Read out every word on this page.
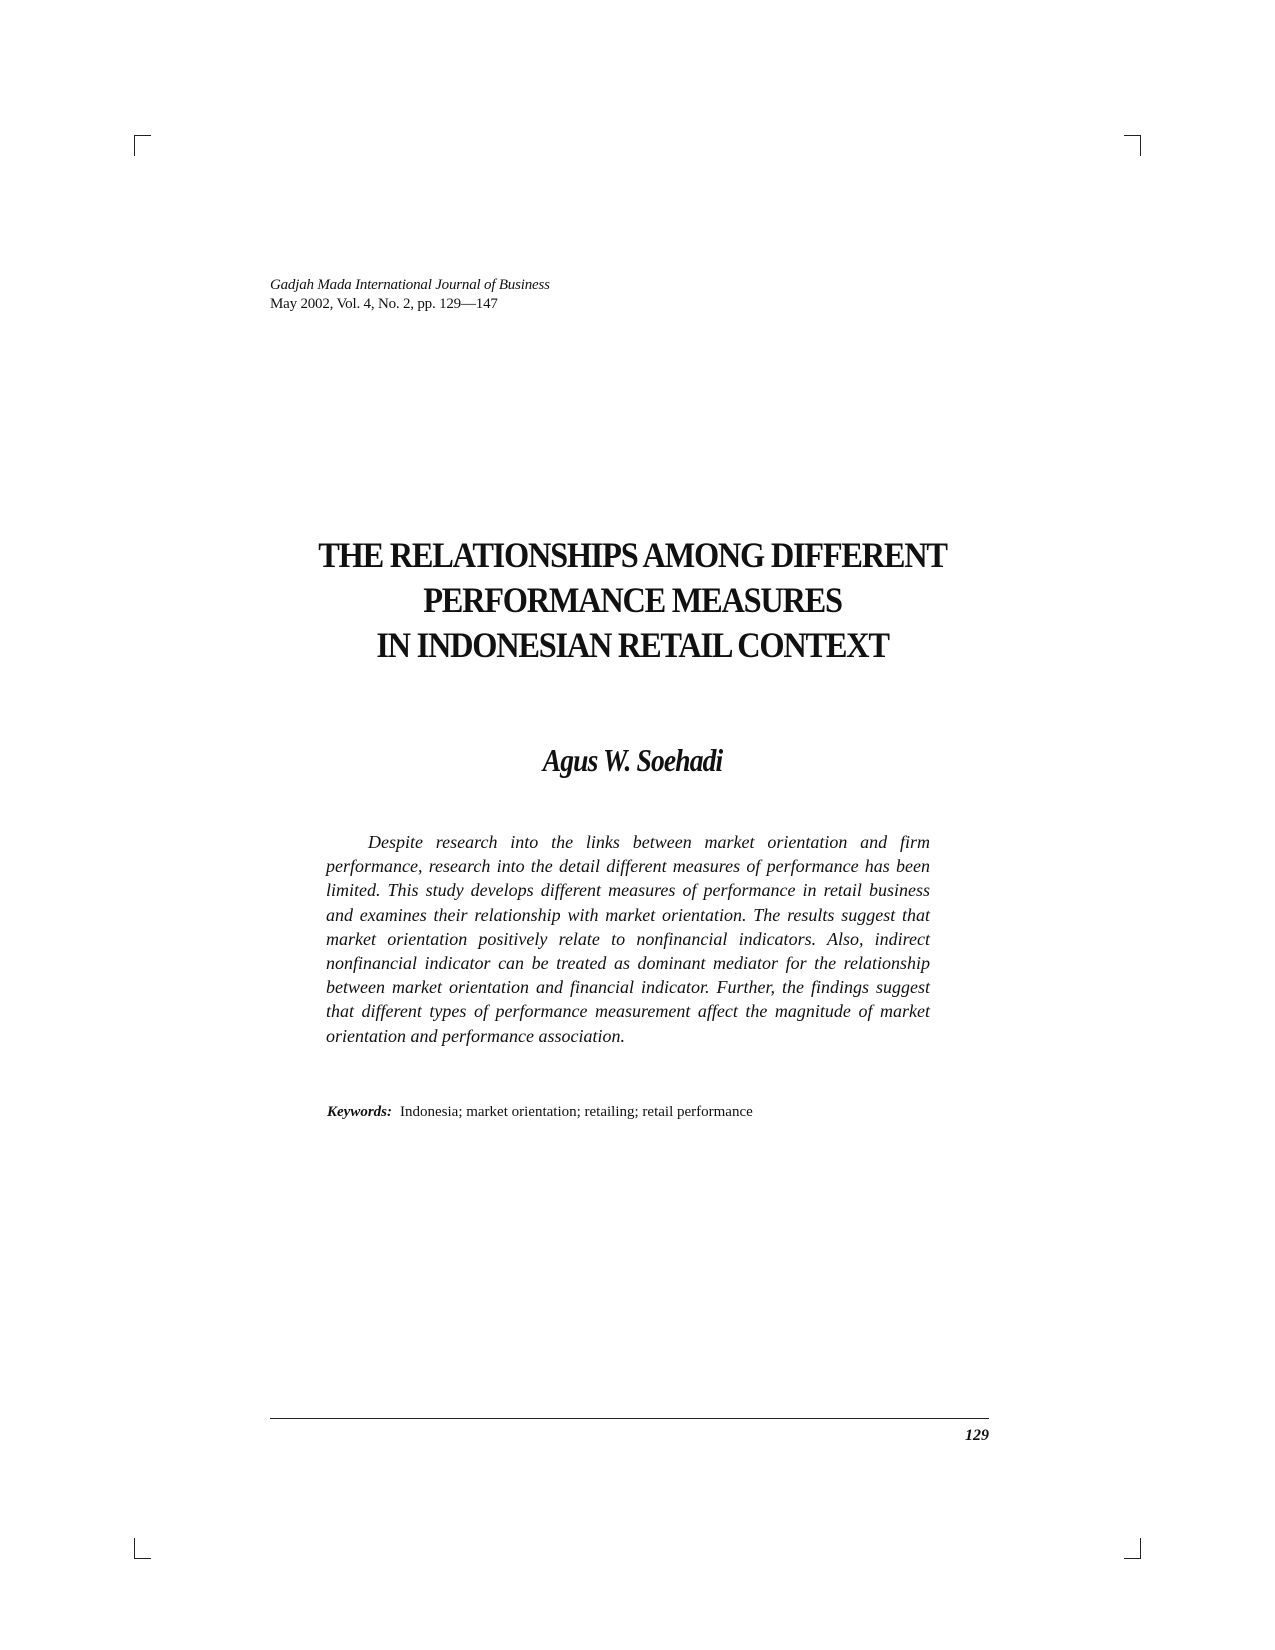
Gadjah Mada International Journal of Business
May 2002, Vol. 4, No. 2, pp. 129—147
THE RELATIONSHIPS AMONG DIFFERENT
PERFORMANCE MEASURES
IN INDONESIAN RETAIL CONTEXT
Agus W. Soehadi

Despite research into the links between market orientation and firm performance, research into the detail different measures of performance has been limited. This study develops different measures of performance in retail business and examines their relationship with market orientation. The results suggest that market orientation positively relate to nonfinancial indicators. Also, indirect nonfinancial indicator can be treated as dominant mediator for the relationship between market orientation and financial indicator. Further, the findings suggest that different types of performance measurement affect the magnitude of market orientation and performance association.

Keywords: Indonesia; market orientation; retailing; retail performance
129
